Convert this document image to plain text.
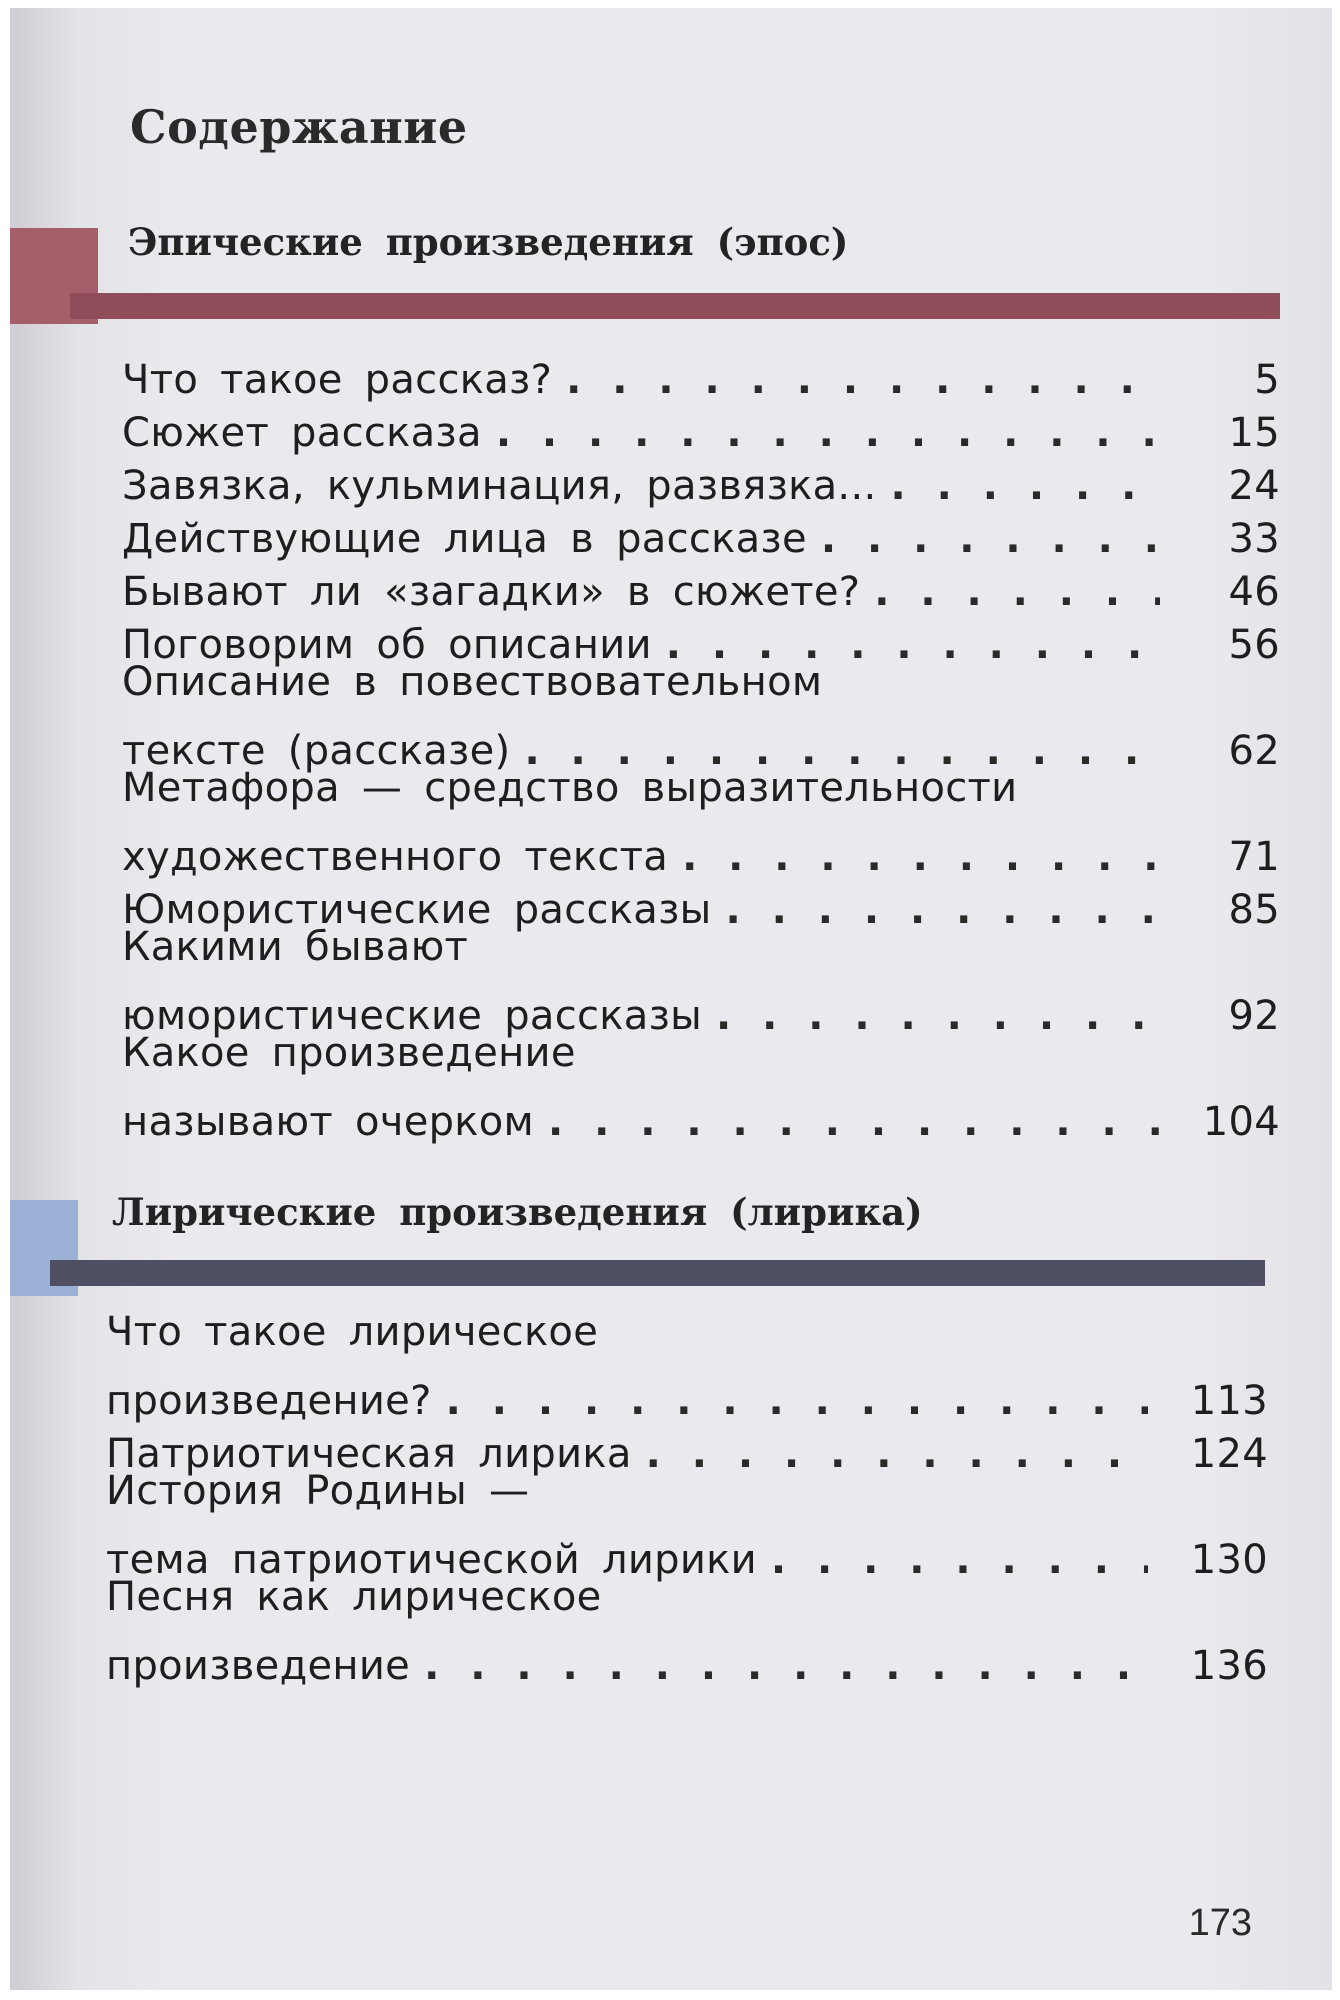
Содержание
Эпические произведения (эпос)
Что такое рассказ? . . .	5
Сюжет рассказа . . .	15
Завязка, кульминация, развязка... . . .	24
Действующие лица в рассказе . . .	33
Бывают ли «загадки» в сюжете? . . .	46
Поговорим об описании . . .	56
Описание в повествовательном
тексте (рассказе) . . .	62
Метафора — средство выразительности
художественного текста . . .	71
Юмористические рассказы . . .	85
Какими бывают
юмористические рассказы . . .	92
Какое произведение
называют очерком . . .	104
Лирические произведения (лирика)
Что такое лирическое
произведение? . . .	113
Патриотическая лирика . . .	124
История Родины —
тема патриотической лирики . . .	130
Песня как лирическое
произведение . . .	136
173
